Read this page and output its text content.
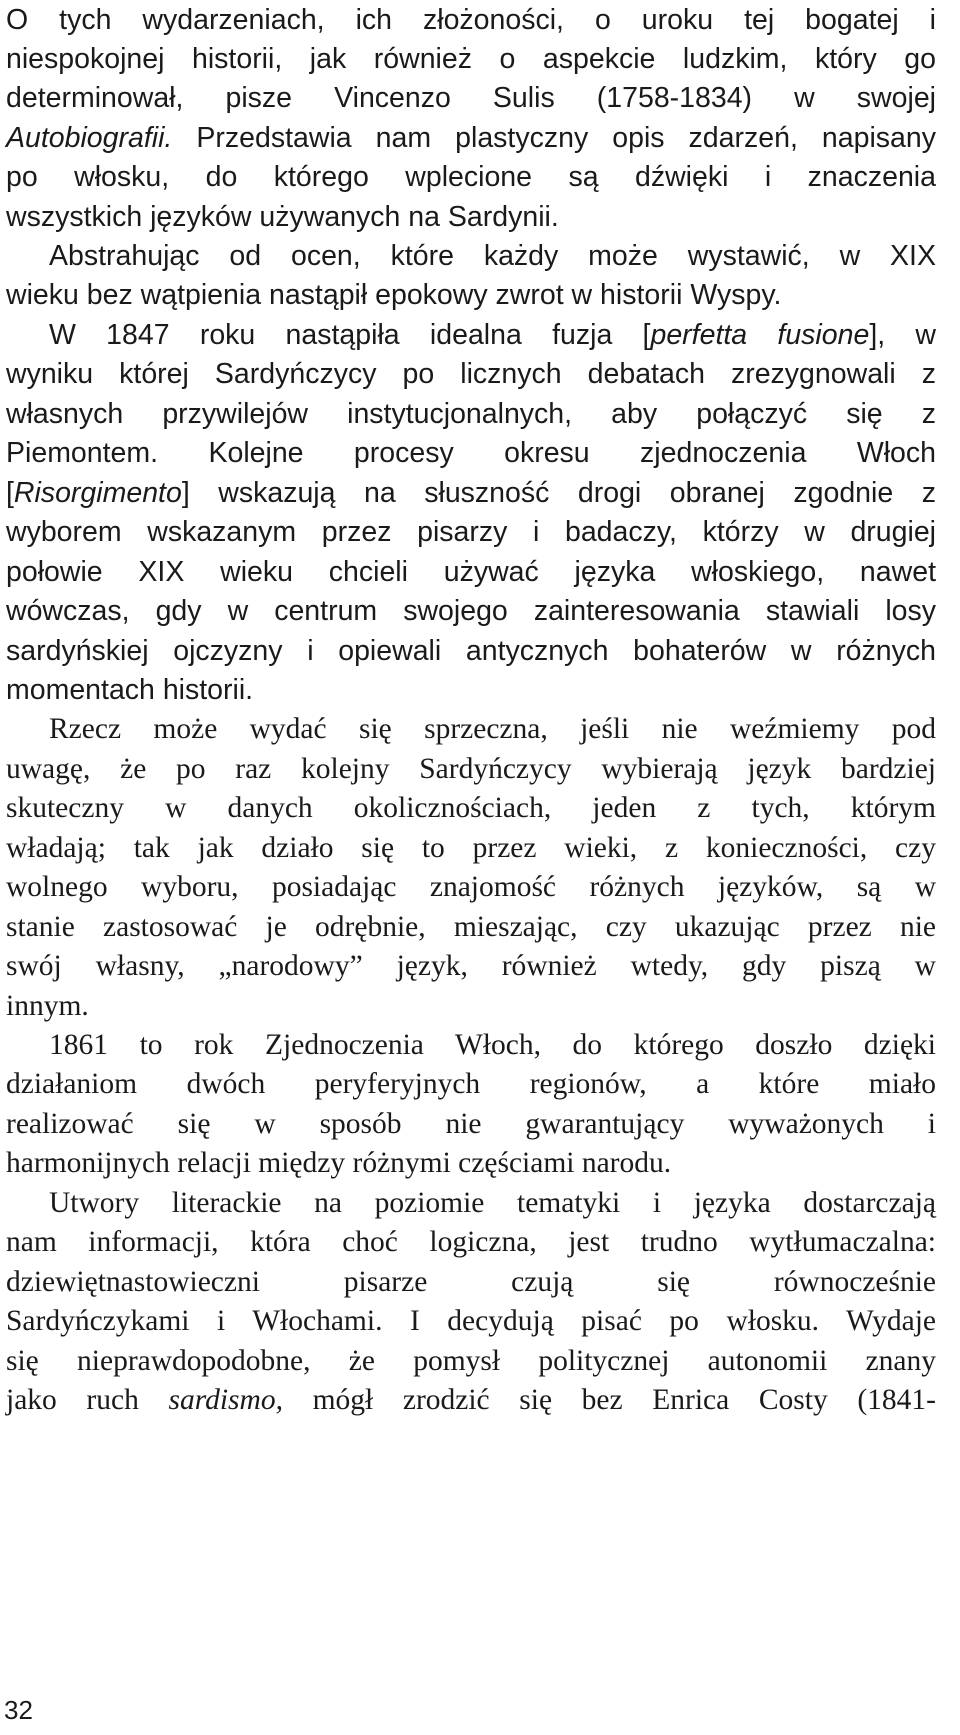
O tych wydarzeniach, ich złożoności, o uroku tej bogatej i
niespokojnej historii, jak również o aspekcie ludzkim, który go
determinował, pisze Vincenzo Sulis (1758-1834) w swojej
Autobiografii. Przedstawia nam plastyczny opis zdarzeń, napisany
po włosku, do którego wplecione są dźwięki i znaczenia
wszystkich języków używanych na Sardynii.
Abstrahując od ocen, które każdy może wystawić, w XIX
wieku bez wątpienia nastąpił epokowy zwrot w historii Wyspy.
W 1847 roku nastąpiła idealna fuzja [perfetta fusione], w
wyniku której Sardyńczycy po licznych debatach zrezygnowali z
własnych przywilejów instytucjonalnych, aby połączyć się z
Piemontem. Kolejne procesy okresu zjednoczenia Włoch
[Risorgimento] wskazują na słuszność drogi obranej zgodnie z
wyborem wskazanym przez pisarzy i badaczy, którzy w drugiej
połowie XIX wieku chcieli używać języka włoskiego, nawet
wówczas, gdy w centrum swojego zainteresowania stawiali losy
sardyńskiej ojczyzny i opiewali antycznych bohaterów w różnych
momentach historii.
Rzecz może wydać się sprzeczna, jeśli nie weźmiemy pod
uwagę, że po raz kolejny Sardyńczycy wybierają język bardziej
skuteczny w danych okolicznościach, jeden z tych, którym
władają; tak jak działo się to przez wieki, z konieczności, czy
wolnego wyboru, posiadając znajomość różnych języków, są w
stanie zastosować je odrębnie, mieszając, czy ukazując przez nie
swój własny, „narodowy” język, również wtedy, gdy piszą w
innym.
1861 to rok Zjednoczenia Włoch, do którego doszło dzięki
działaniom dwóch peryferyjnych regionów, a które miało
realizować się w sposób nie gwarantujący wyważonych i
harmonijnych relacji między różnymi częściami narodu.
Utwory literackie na poziomie tematyki i języka dostarczają
nam informacji, która choć logiczna, jest trudno wytłumaczalna:
dziewiętnastowieczni pisarze czują się równocześnie
Sardyńczykami i Włochami. I decydują pisać po włosku. Wydaje
się nieprawdopodobne, że pomysł politycznej autonomii znany
jako ruch sardismo, mógł zrodzić się bez Enrica Costy (1841-
32
